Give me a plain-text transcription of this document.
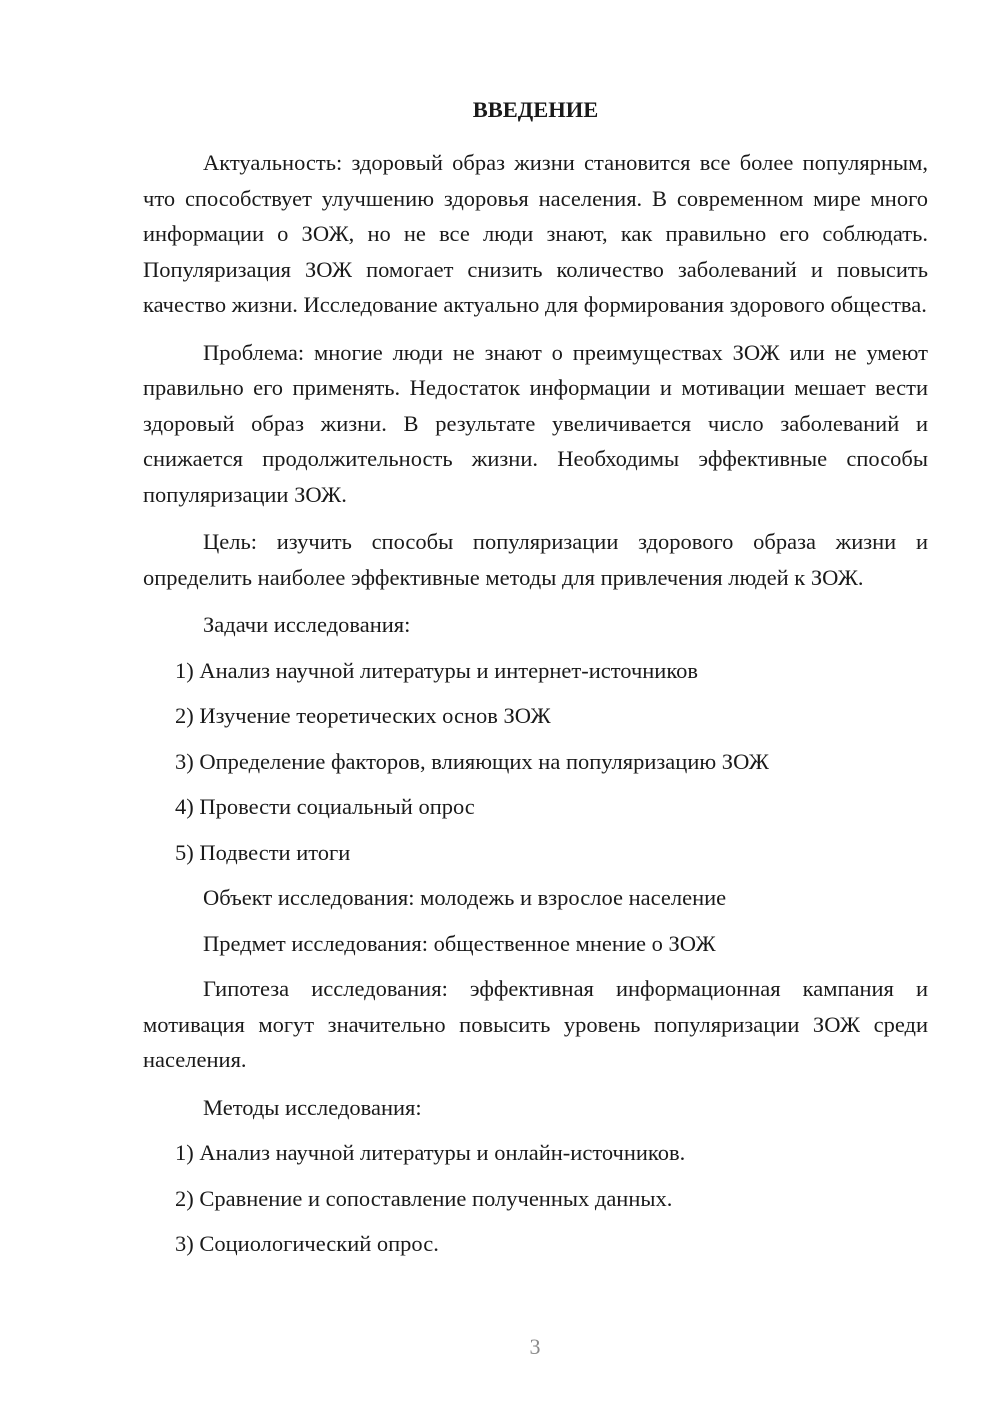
ВВЕДЕНИЕ

Актуальность: здоровый образ жизни становится все более популярным, что способствует улучшению здоровья населения. В современном мире много информации о ЗОЖ, но не все люди знают, как правильно его соблюдать. Популяризация ЗОЖ помогает снизить количество заболеваний и повысить качество жизни. Исследование актуально для формирования здорового общества.

Проблема: многие люди не знают о преимуществах ЗОЖ или не умеют правильно его применять. Недостаток информации и мотивации мешает вести здоровый образ жизни. В результате увеличивается число заболеваний и снижается продолжительность жизни. Необходимы эффективные способы популяризации ЗОЖ.

Цель: изучить способы популяризации здорового образа жизни и определить наиболее эффективные методы для привлечения людей к ЗОЖ.

Задачи исследования:

1) Анализ научной литературы и интернет-источников

2) Изучение теоретических основ ЗОЖ

3) Определение факторов, влияющих на популяризацию ЗОЖ

4) Провести социальный опрос

5) Подвести итоги

Объект исследования: молодежь и взрослое население

Предмет исследования: общественное мнение о ЗОЖ

Гипотеза исследования: эффективная информационная кампания и мотивация могут значительно повысить уровень популяризации ЗОЖ среди населения.

Методы исследования:

1) Анализ научной литературы и онлайн-источников.

2) Сравнение и сопоставление полученных данных.

3) Социологический опрос.

3
